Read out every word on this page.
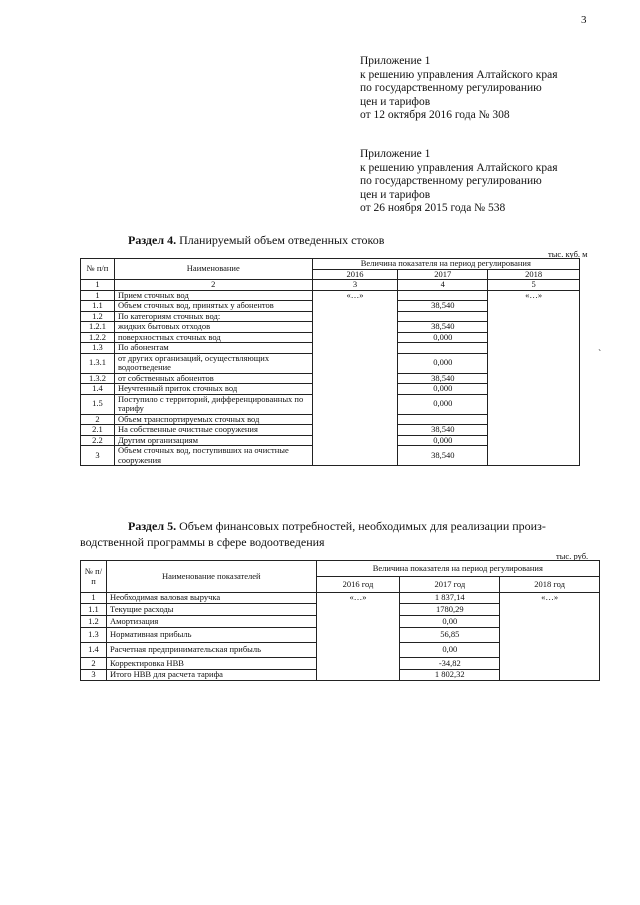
3
Приложение 1
к решению управления Алтайского края
по государственному регулированию
цен и тарифов
от 12 октября 2016 года № 308
Приложение 1
к решению управления Алтайского края
по государственному регулированию
цен и тарифов
от 26 ноября 2015 года № 538
Раздел 4. Планируемый объем отведенных стоков
тыс. куб. м
№ п/п	Наименование	Величина показателя на период регулирования		
		2016	2017	2018
1	2	3	4	5
1	Прием сточных вод	«…»		«…»
1.1	Объем сточных вод, принятых у абонентов		38,540	
1.2	По категориям сточных вод:			
1.2.1	жидких бытовых отходов		38,540	
1.2.2	поверхностных сточных вод		0,000	
1.3	По абонентам			
1.3.1	от других организаций, осуществляющих водоотведение		0,000	
1.3.2	от собственных абонентов		38,540	
1.4	Неучтенный приток сточных вод		0,000	
1.5	Поступило с территорий, дифференцированных по тарифу		0,000	
2	Объем транспортируемых сточных вод			
2.1	На собственные очистные сооружения		38,540	
2.2	Другим организациям		0,000	
3	Объем сточных вод, поступивших на очистные сооружения		38,540	
Раздел 5. Объем финансовых потребностей, необходимых для реализации произ-
водственной программы в сфере водоотведения
тыс. руб.
№ п/ п	Наименование показателей	Величина показателя на период регулирования		
		2016 год	2017 год	2018 год
1	Необходимая валовая выручка	«…»	1 837,14	«…»
1.1	Текущие расходы		1780,29	
1.2	Амортизация		0,00	
1.3	Нормативная прибыль		56,85	
1.4	Расчетная предпринимательская прибыль		0,00	
2	Корректировка НВВ		-34,82	
3	Итого НВВ для расчета тарифа		1 802,32	
`
